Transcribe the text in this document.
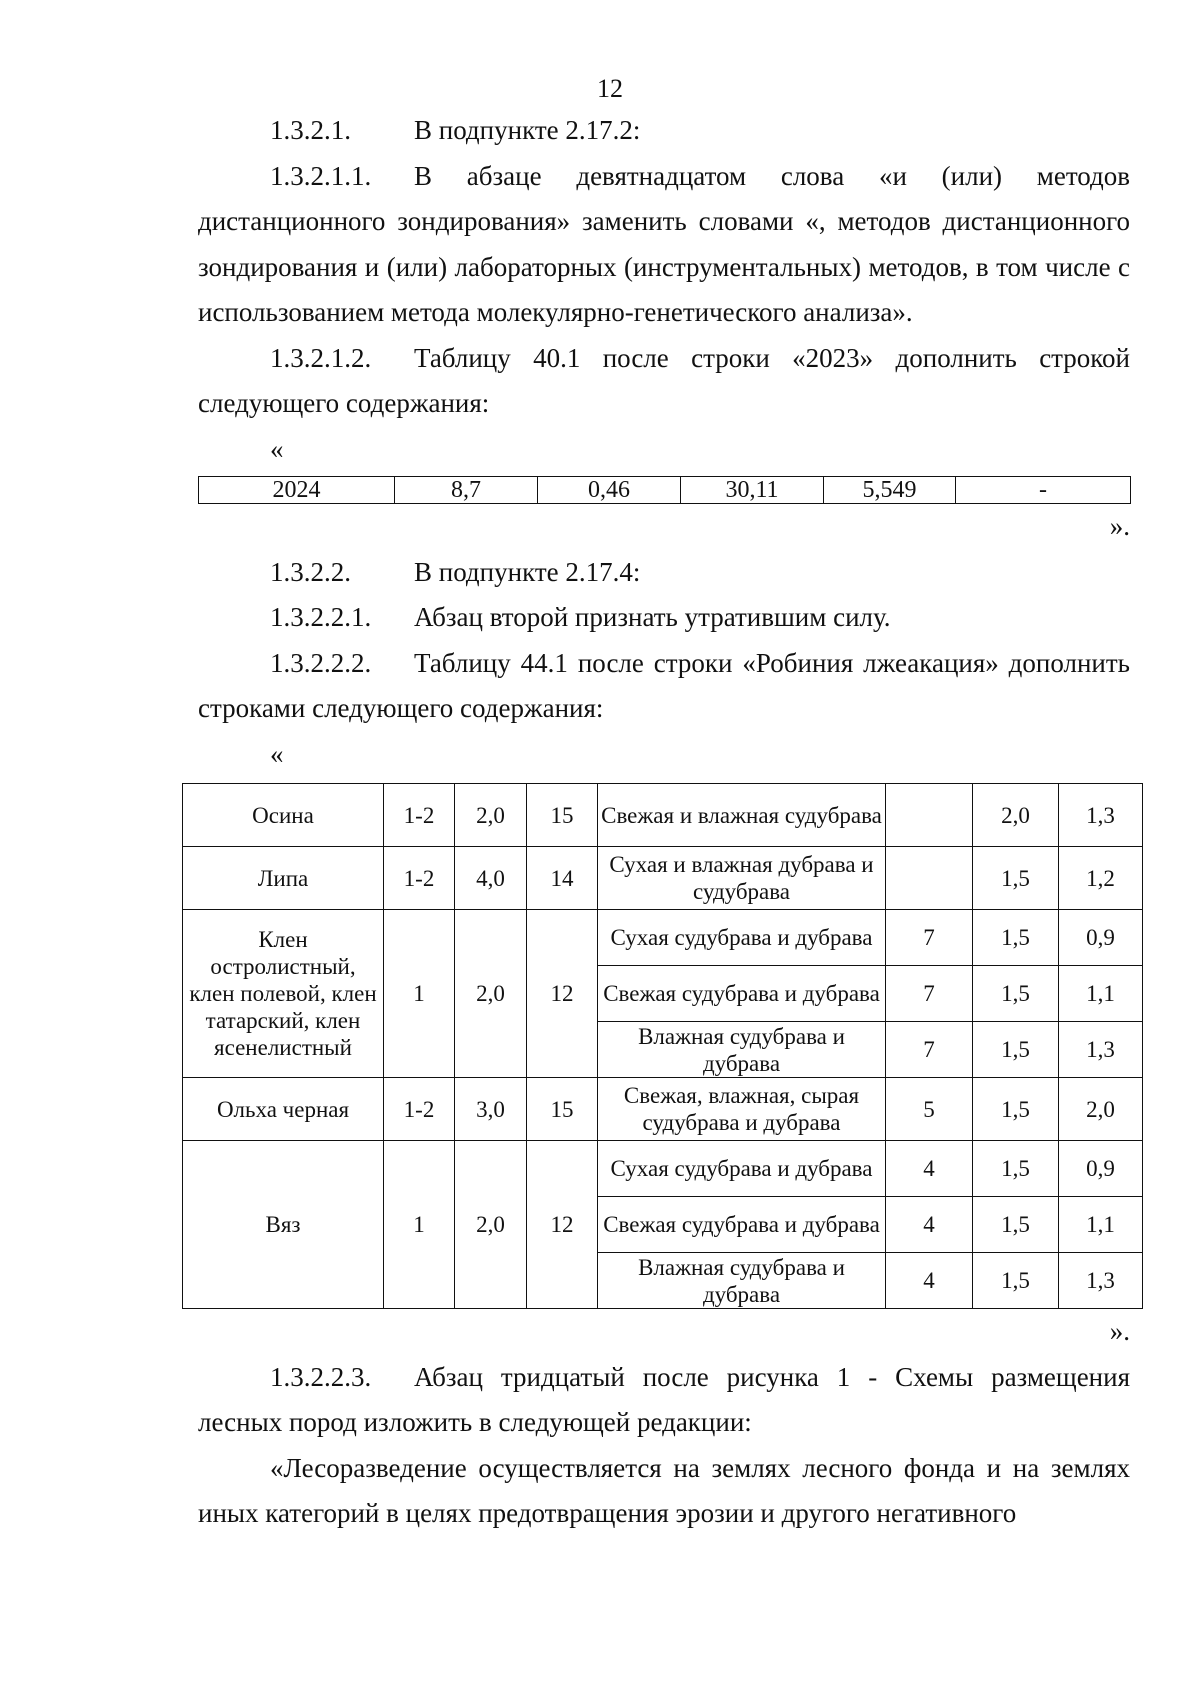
12

1.3.2.1. В подпункте 2.17.2:

1.3.2.1.1. В абзаце девятнадцатом слова «и (или) методов дистанционного зондирования» заменить словами «, методов дистанционного зондирования и (или) лабораторных (инструментальных) методов, в том числе с использованием метода молекулярно-генетического анализа».

1.3.2.1.2. Таблицу 40.1 после строки «2023» дополнить строкой следующего содержания:

«

2024	8,7	0,46	30,11	5,549	-

».

1.3.2.2. В подпункте 2.17.4:

1.3.2.2.1. Абзац второй признать утратившим силу.

1.3.2.2.2. Таблицу 44.1 после строки «Робиния лжеакация» дополнить строками следующего содержания:

«

Осина	1-2	2,0	15	Свежая и влажная судубрава		2,0	1,3
Липа	1-2	4,0	14	Сухая и влажная дубрава и судубрава		1,5	1,2
Клен остролистный, клен полевой, клен татарский, клен ясенелистный	1	2,0	12	Сухая судубрава и дубрава	7	1,5	0,9
				Свежая судубрава и дубрава	7	1,5	1,1
				Влажная судубрава и дубрава	7	1,5	1,3
Ольха черная	1-2	3,0	15	Свежая, влажная, сырая судубрава и дубрава	5	1,5	2,0
Вяз	1	2,0	12	Сухая судубрава и дубрава	4	1,5	0,9
				Свежая судубрава и дубрава	4	1,5	1,1
				Влажная судубрава и дубрава	4	1,5	1,3

».

1.3.2.2.3. Абзац тридцатый после рисунка 1 - Схемы размещения лесных пород изложить в следующей редакции:

«Лесоразведение осуществляется на землях лесного фонда и на землях иных категорий в целях предотвращения эрозии и другого негативного
